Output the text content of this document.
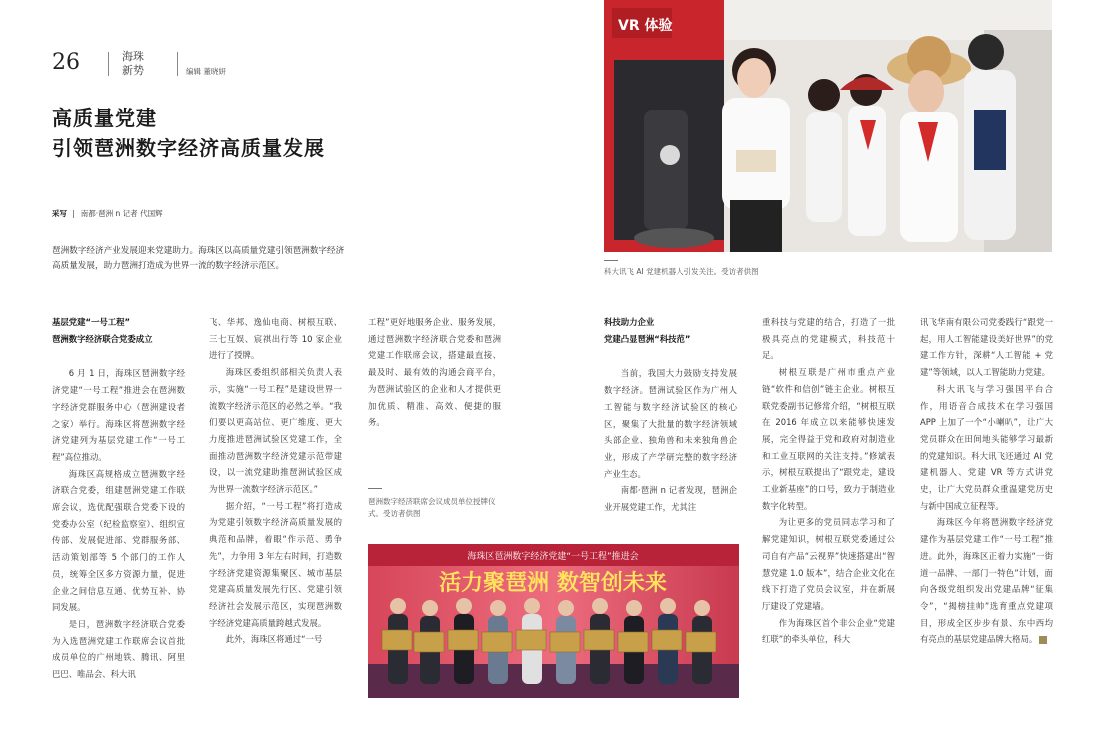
26	海珠
新势	编辑 董晓妍
高质量党建
引领琶洲数字经济高质量发展
采写 南都·琶洲 n 记者 代国辉
琶洲数字经济产业发展迎来党建助力。海珠区以高质量党建引领琶洲数字经济高质量发展，助力琶洲打造成为世界一流的数字经济示范区。
VR 体验
科大讯飞 AI 党建机器人引发关注。受访者供图
基层党建“一号工程”
琶洲数字经济联合党委成立

6 月 1 日，海珠区琶洲数字经济党建“一号工程”推进会在琶洲数字经济党群服务中心（琶洲建设者之家）举行。海珠区将琶洲数字经济党建列为基层党建工作“一号工程”高位推动。

海珠区高规格成立琶洲数字经济联合党委，组建琶洲党建工作联席会议，选优配强联合党委下设的党委办公室（纪检监察室）、组织宣传部、发展促进部、党群服务部、活动策划部等 5 个部门的工作人员，统筹全区多方资源力量，促进企业之间信息互通、优势互补、协同发展。

是日，琶洲数字经济联合党委为入选琶洲党建工作联席会议首批成员单位的广州地铁、腾讯、阿里巴巴、唯品会、科大讯

飞、华邦、逸仙电商、树根互联、三七互娱、宸祺出行等 10 家企业进行了授牌。

海珠区委组织部相关负责人表示，实施“一号工程”是建设世界一流数字经济示范区的必然之举。“我们要以更高站位、更广维度、更大力度推进琶洲试验区党建工作，全面推动琶洲数字经济党建示范带建设，以一流党建助推琶洲试验区成为世界一流数字经济示范区。”

据介绍，“一号工程”将打造成为党建引领数字经济高质量发展的典范和品牌，着眼“作示范、勇争先”，力争用 3 年左右时间，打造数字经济党建资源集聚区、城市基层党建高质量发展先行区、党建引领经济社会发展示范区，实现琶洲数字经济党建高质量跨越式发展。

此外，海珠区将通过“一号

工程”更好地服务企业、服务发展，通过琶洲数字经济联合党委和琶洲党建工作联席会议，搭建最直接、最及时、最有效的沟通会商平台，为琶洲试验区的企业和人才提供更加优质、精准、高效、便捷的服务。

琶洲数字经济联席会议成员单位授牌仪式。受访者供图
海珠区琶洲数字经济党建“一号工程”推进会
活力聚琶洲 数智创未来
科技助力企业
党建凸显琶洲“科技范”

当前，我国大力鼓励支持发展数字经济。琶洲试验区作为广州人工智能与数字经济试验区的核心区，聚集了大批量的数字经济领域头部企业、独角兽和未来独角兽企业，形成了产学研完整的数字经济产业生态。

南都·琶洲 n 记者发现，琶洲企业开展党建工作，尤其注

重科技与党建的结合，打造了一批极具亮点的党建模式，科技范十足。

树根互联是广州市重点产业链“软件和信创”链主企业。树根互联党委副书记修常介绍，“树根互联在 2016 年成立以来能够快速发展，完全得益于党和政府对制造业和工业互联网的关注支持。”修斌表示，树根互联提出了“跟党走，建设工业新基座”的口号，致力于制造业数字化转型。

为让更多的党员同志学习和了解党建知识，树根互联党委通过公司自有产品“云视界”快速搭建出“智慧党建 1.0 版本”，结合企业文化在线下打造了党员会议室，并在新展厅建设了党建墙。

作为海珠区首个非公企业“党建红联”的牵头单位，科大

讯飞华南有限公司党委践行“跟党一起，用人工智能建设美好世界”的党建工作方针，深耕“人工智能 + 党建”等领域，以人工智能助力党建。

科大讯飞与学习强国平台合作，用语音合成技术在学习强国 APP 上加了一个“小喇叭”，让广大党员群众在田间地头能够学习最新的党建知识。科大讯飞还通过 AI 党建机器人、党建 VR 等方式讲党史，让广大党员群众重温建党历史与新中国成立征程等。

海珠区今年将琶洲数字经济党建作为基层党建工作“一号工程”推进。此外，海珠区正着力实施“一街道一品牌、一部门一特色”计划，面向各级党组织发出党建品牌“征集令”，“揭榜挂帅”选育重点党建项目，形成全区步步有景、东中西均有亮点的基层党建品牌大格局。	冗
